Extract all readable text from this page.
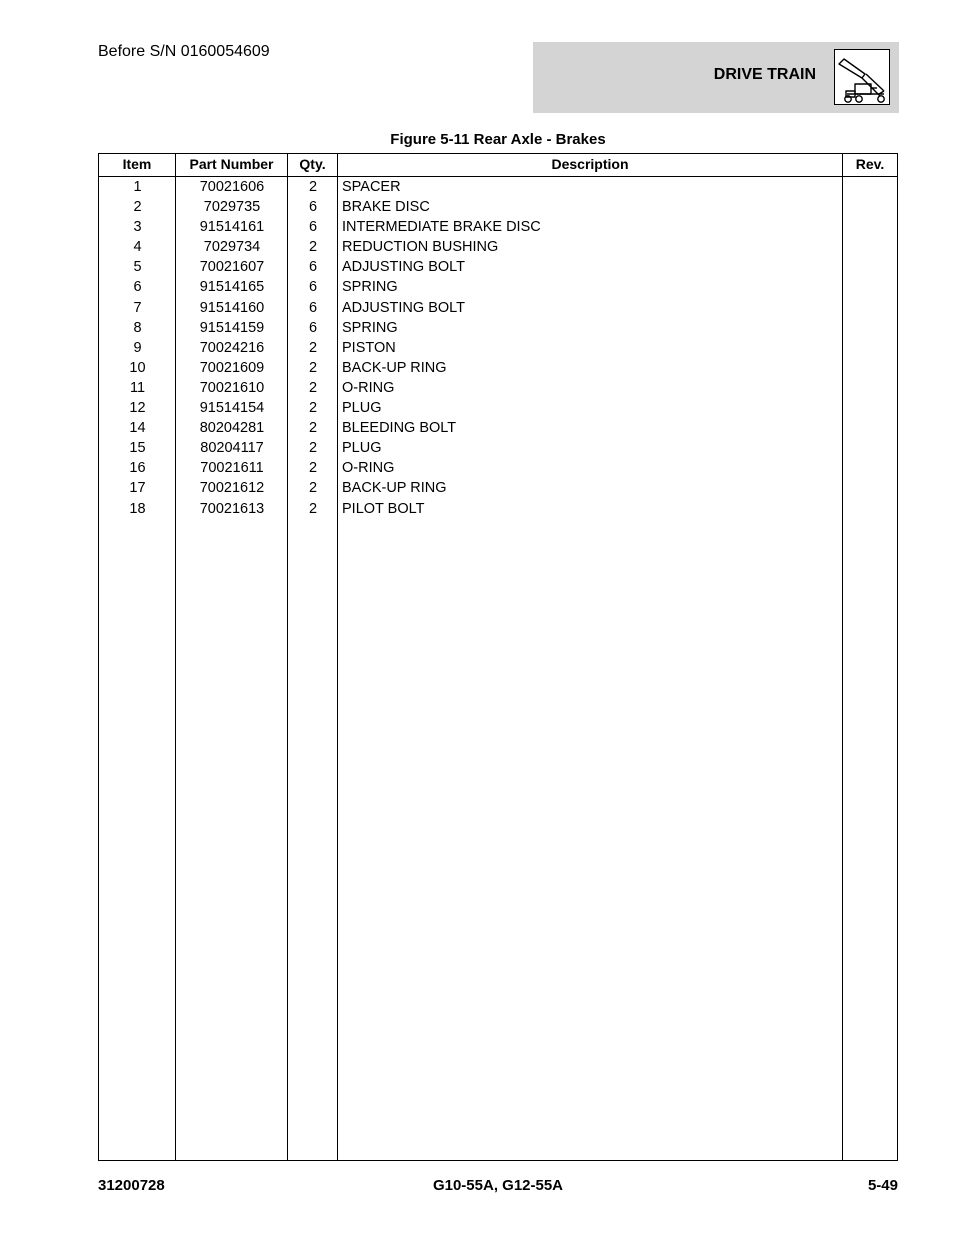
Before S/N 0160054609
DRIVE TRAIN
Figure 5-11 Rear Axle - Brakes
Item	Part Number	Qty.	Description	Rev.
1	70021606	2	SPACER
2	7029735	6	BRAKE DISC
3	91514161	6	INTERMEDIATE BRAKE DISC
4	7029734	2	REDUCTION BUSHING
5	70021607	6	ADJUSTING BOLT
6	91514165	6	SPRING
7	91514160	6	ADJUSTING BOLT
8	91514159	6	SPRING
9	70024216	2	PISTON
10	70021609	2	BACK-UP RING
11	70021610	2	O-RING
12	91514154	2	PLUG
14	80204281	2	BLEEDING BOLT
15	80204117	2	PLUG
16	70021611	2	O-RING
17	70021612	2	BACK-UP RING
18	70021613	2	PILOT BOLT
31200728	G10-55A, G12-55A	5-49
